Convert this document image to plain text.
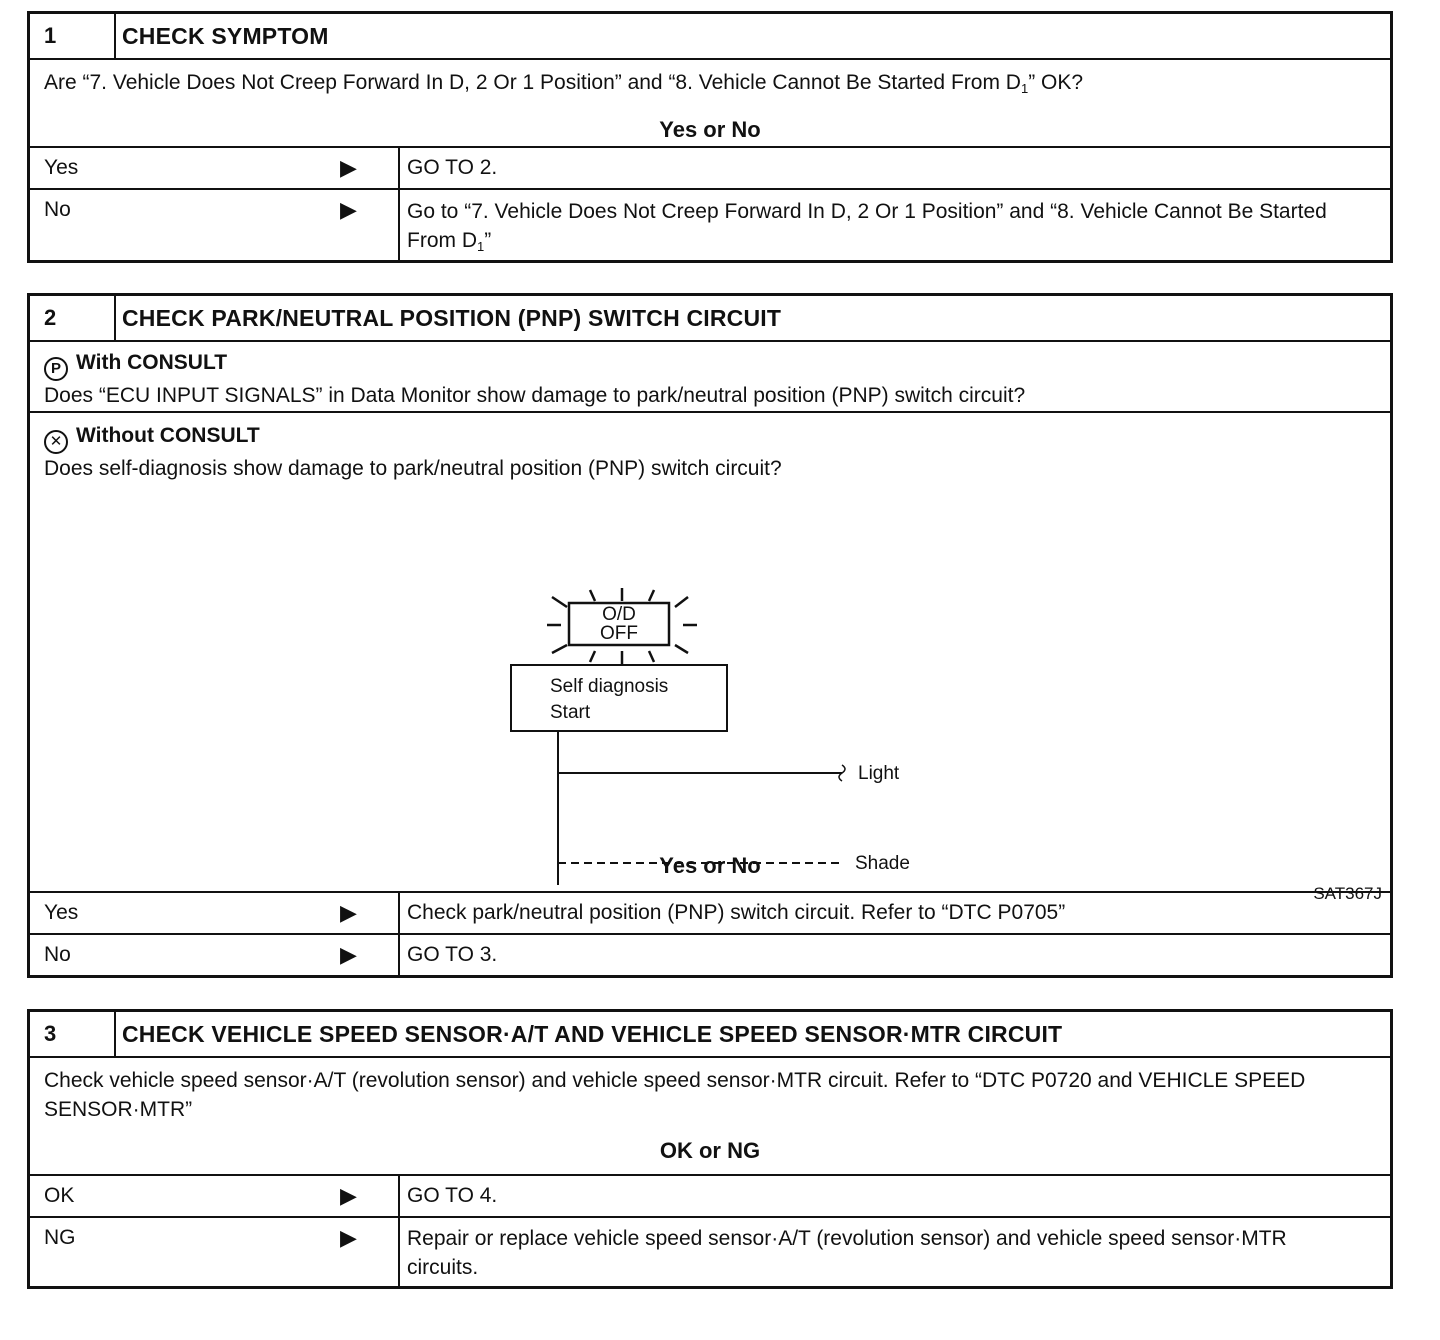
1	CHECK SYMPTOM
Are “7. Vehicle Does Not Creep Forward In D, 2 Or 1 Position” and “8. Vehicle Cannot Be Started From $D_1$” OK?
Yes or No
Yes	▶	GO TO 2.
No	▶	Go to “7. Vehicle Does Not Creep Forward In D, 2 Or 1 Position” and “8. Vehicle Cannot Be Started From $D_1$”
2	CHECK PARK/NEUTRAL POSITION (PNP) SWITCH CIRCUIT
P With CONSULT
Does “ECU INPUT SIGNALS” in Data Monitor show damage to park/neutral position (PNP) switch circuit?
✕ Without CONSULT
Does self-diagnosis show damage to park/neutral position (PNP) switch circuit?
O/D
OFF
Self diagnosis
Start
Light
Shade
SAT367J
Yes or No
Yes	▶	Check park/neutral position (PNP) switch circuit. Refer to “DTC P0705”
No	▶	GO TO 3.
3	CHECK VEHICLE SPEED SENSOR·A/T AND VEHICLE SPEED SENSOR·MTR CIRCUIT
Check vehicle speed sensor·A/T (revolution sensor) and vehicle speed sensor·MTR circuit. Refer to “DTC P0720 and VEHICLE SPEED SENSOR·MTR”
OK or NG
OK	▶	GO TO 4.
NG	▶	Repair or replace vehicle speed sensor·A/T (revolution sensor) and vehicle speed sensor·MTR circuits.
